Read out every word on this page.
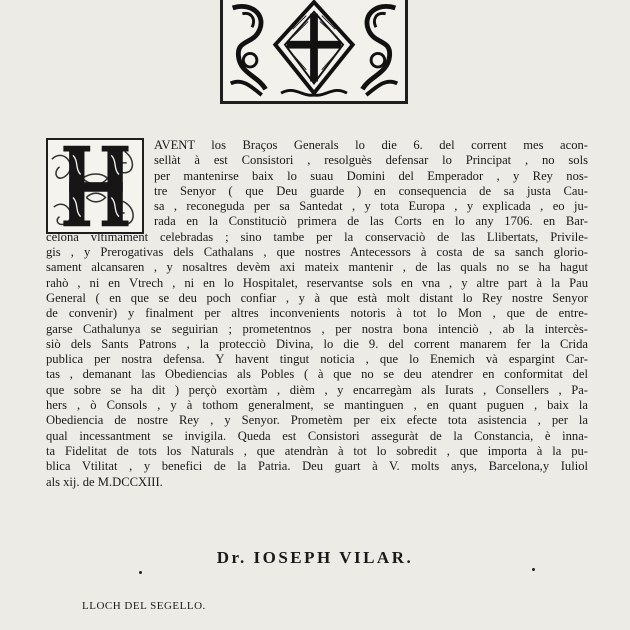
AVENT los Braços Generals lo die 6. del corrent mes acon-
sellàt à est Consistori , resolguès defensar lo Principat , no sols
per mantenirse baix lo suau Domini del Emperador , y Rey nos-
tre Senyor ( que Deu guarde ) en consequencia de sa justa Cau-
sa , reconeguda per sa Santedat , y tota Europa , y explicada , eo ju-
rada en la Constituciò primera de las Corts en lo any 1706. en Bar-
celona vltimament celebradas ; sino tambe per la conservaciò de las Llibertats, Privile-
gis , y Prerogativas dels Cathalans , que nostres Antecessors à costa de sa sanch glorio-
sament alcansaren , y nosaltres devèm axi mateix mantenir , de las quals no se ha hagut
rahò , ni en Vtrech , ni en lo Hospitalet, reservantse sols en vna , y altre part à la Pau
General ( en que se deu poch confiar , y à que està molt distant lo Rey nostre Senyor
de convenir) y finalment per altres inconvenients notoris à tot lo Mon , que de entre-
garse Cathalunya se seguirian ; prometentnos , per nostra bona intenciò , ab la intercès-
siò dels Sants Patrons , la protecciò Divina, lo die 9. del corrent manarem fer la Crida
publica per nostra defensa. Y havent tingut noticia , que lo Enemich và espargint Car-
tas , demanant las Obediencias als Pobles ( à que no se deu atendrer en conformitat del
que sobre se ha dit ) perçò exortàm , dièm , y encarregàm als Iurats , Consellers , Pa-
hers , ò Consols , y à tothom generalment, se mantinguen , en quant puguen , baix la
Obediencia de nostre Rey , y Senyor. Prometèm per eix efecte tota asistencia , per la
qual incessantment se invigila. Queda est Consistori asseguràt de la Constancia, è inna-
ta Fidelitat de tots los Naturals , que atendràn à tot lo sobredit , que importa à la pu-
blica Vtilitat , y benefici de la Patria. Deu guart à V. molts anys, Barcelona,y Iuliol
als xij. de M.DCCXIII.
Dr. IOSEPH VILAR.
LLOCH DEL SEGELLO.
